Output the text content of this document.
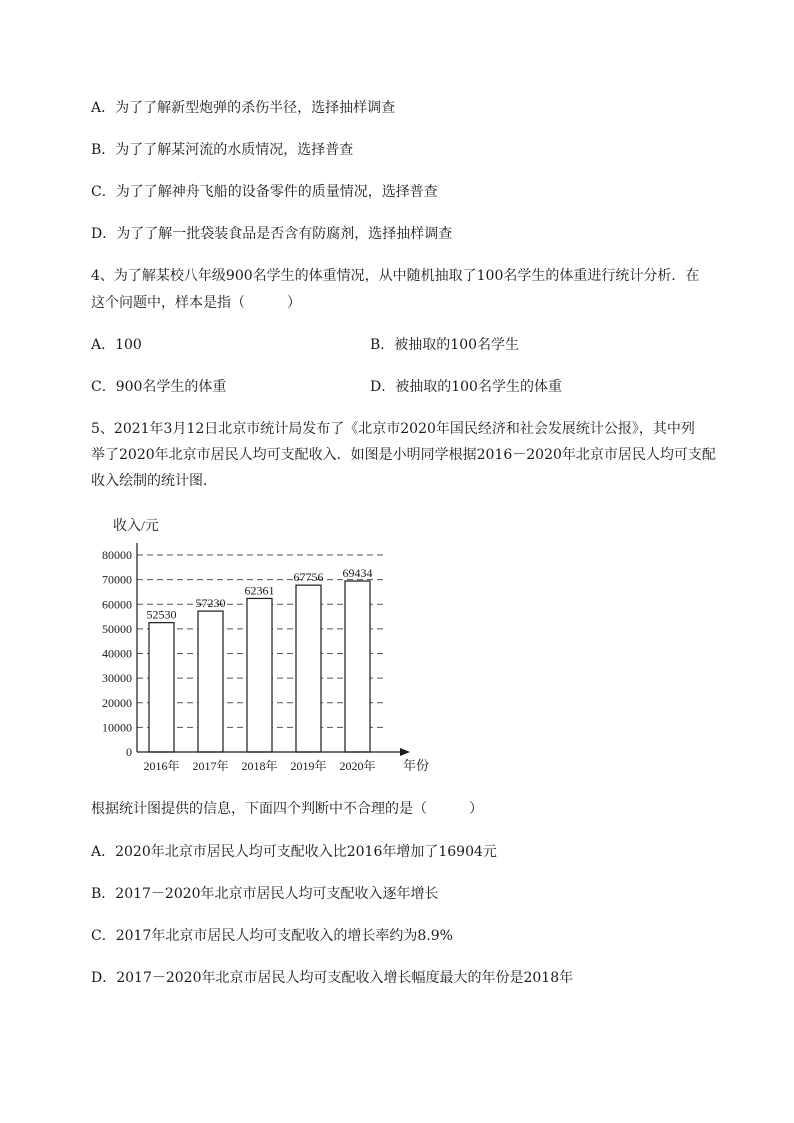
A．为了了解新型炮弹的杀伤半径，选择抽样调查
B．为了了解某河流的水质情况，选择普查
C．为了了解神舟飞船的设备零件的质量情况，选择普查
D．为了了解一批袋装食品是否含有防腐剂，选择抽样调查
4、为了解某校八年级900名学生的体重情况，从中随机抽取了100名学生的体重进行统计分析．在
这个问题中，样本是指（　　　）
A．100	B．被抽取的100名学生
C．900名学生的体重	D．被抽取的100名学生的体重
5、2021年3月12日北京市统计局发布了《北京市2020年国民经济和社会发展统计公报》，其中列
举了2020年北京市居民人均可支配收入．如图是小明同学根据2016－2020年北京市居民人均可支配
收入绘制的统计图．
收入/元
年份
52530
57230
62361
67756 69434
0
10000
20000
30000
40000
50000
60000
70000
80000
2016年 2017年 2018年 2019年 2020年
根据统计图提供的信息，下面四个判断中不合理的是（　　　）
A．2020年北京市居民人均可支配收入比2016年增加了16904元
B．2017－2020年北京市居民人均可支配收入逐年增长
C．2017年北京市居民人均可支配收入的增长率约为8.9%
D．2017－2020年北京市居民人均可支配收入增长幅度最大的年份是2018年
